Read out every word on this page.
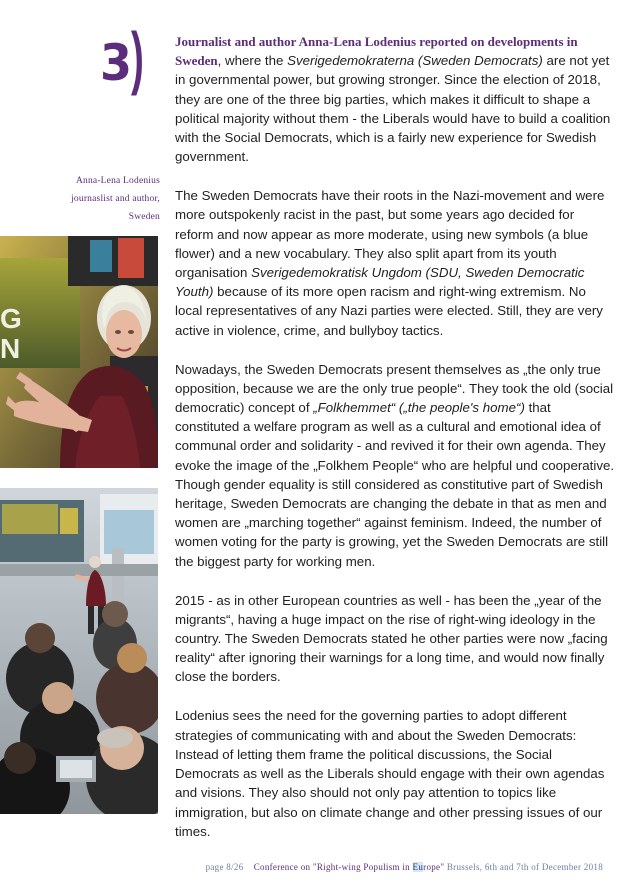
3
) Journalist and author Anna-Lena Lodenius reported on developments in Sweden, where the Sverigedemokraterna (Sweden Democrats) are not yet in governmental power, but growing stronger. Since the election of 2018, they are one of the three big parties, which makes it difficult to shape a political majority without them - the Liberals would have to build a coalition with the Social Democrats, which is a fairly new experience for Swedish government.

The Sweden Democrats have their roots in the Nazi-movement and were more outspokenly racist in the past, but some years ago decided for reform and now appear as more moderate, using new symbols (a blue flower) and a new vocabulary. They also split apart from its youth organisation Sverigedemokratisk Ungdom (SDU, Sweden Democratic Youth) because of its more open racism and right-wing extremism. No local representatives of any Nazi parties were elected. Still, they are very active in violence, crime, and bullyboy tactics.

Nowadays, the Sweden Democrats present themselves as „the only true opposition, because we are the only true people“. They took the old (social democratic) concept of „Folkhemmet“ („the people's home“) that constituted a welfare program as well as a cultural and emotional idea of communal order and solidarity - and revived it for their own agenda. They evoke the image of the „Folkhem People“ who are helpful und cooperative. Though gender equality is still considered as constitutive part of Swedish heritage, Sweden Democrats are changing the debate in that as men and women are „marching together“ against feminism. Indeed, the number of women voting for the party is growing, yet the Sweden Democrats are still the biggest party for working men.

2015 - as in other European countries as well - has been the „year of the migrants“, having a huge impact on the rise of right-wing ideology in the country. The Sweden Democrats stated he other parties were now „facing reality“ after ignoring their warnings for a long time, and would now finally close the borders.

Lodenius sees the need for the governing parties to adopt different strategies of communicating with and about the Sweden Democrats: Instead of letting them frame the political discussions, the Social Democrats as well as the Liberals should engage with their own agendas and visions. They also should not only pay attention to topics like immigration, but also on climate change and other pressing issues of our times.

Anna-Lena Lodenius
journaslist and author,
Sweden
G
N
page 8/26 Conference on "Right-wing Populism in Europe" Brussels, 6th and 7th of December 2018
